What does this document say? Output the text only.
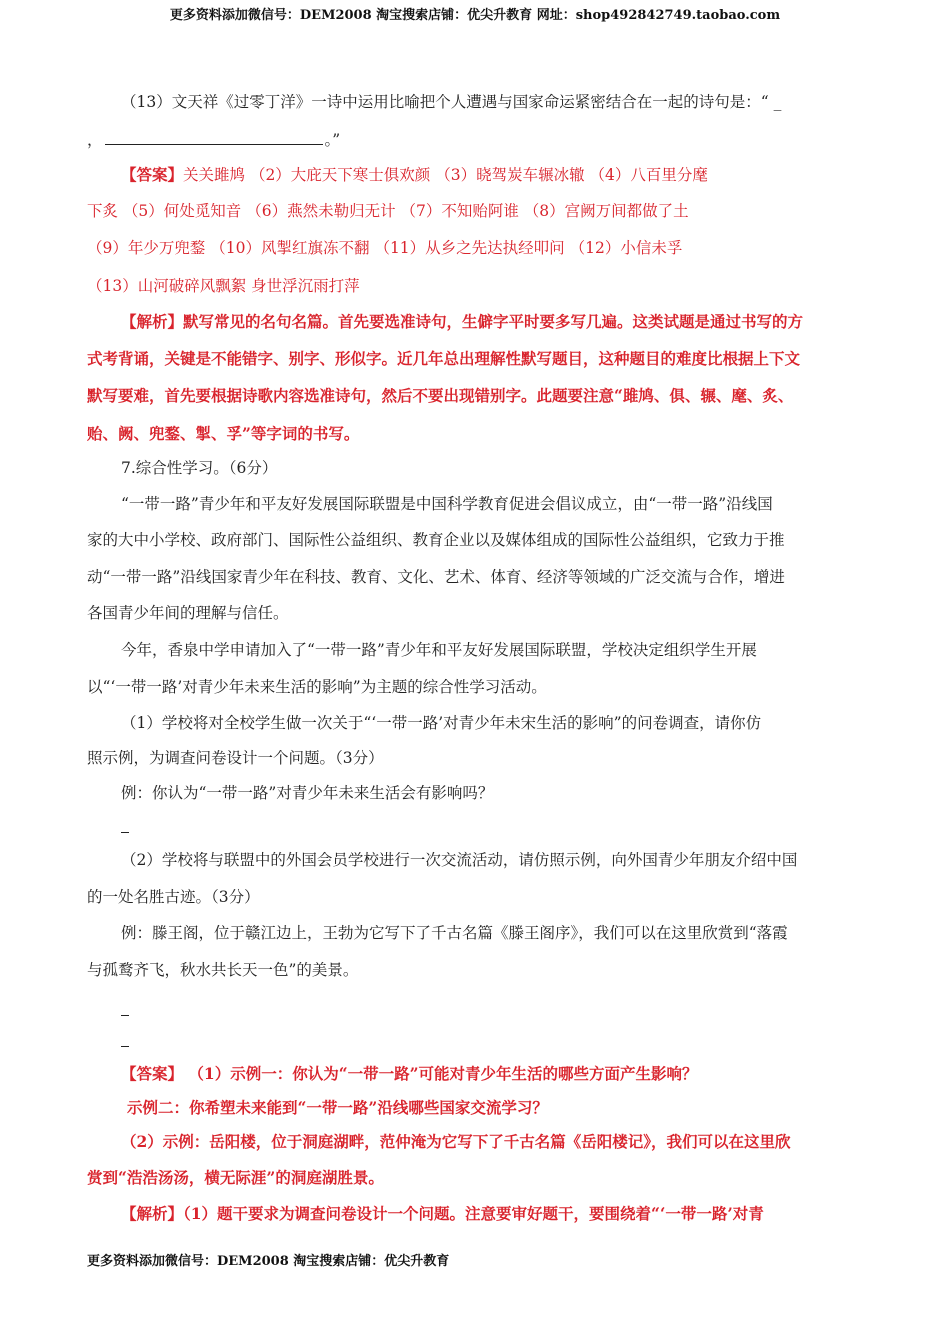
更多资料添加微信号：DEM2008 淘宝搜索店铺：优尖升教育 网址：shop492842749.taobao.com
（13）文天祥《过零丁洋》一诗中运用比喻把个人遭遇与国家命运紧密结合在一起的诗句是：“ _
，	。”
【答案】关关雎鸠 （2）大庇天下寒士俱欢颜 （3）晓驾炭车辗冰辙 （4）八百里分麾
下炙 （5）何处觅知音 （6）燕然未勒归无计 （7）不知贻阿谁 （8）宫阙万间都做了土
（9）年少万兜鍪 （10）风掣红旗冻不翻 （11）从乡之先达执经叩问 （12）小信未孚
（13）山河破碎风飘絮 身世浮沉雨打萍
【解析】默写常见的名句名篇。首先要选准诗句，生僻字平时要多写几遍。这类试题是通过书写的方
式考背诵，关键是不能错字、别字、形似字。近几年总出理解性默写题目，这种题目的难度比根据上下文
默写要难，首先要根据诗歌内容选准诗句，然后不要出现错别字。此题要注意“雎鸠、俱、辗、麾、炙、
贻、阙、兜鍪、掣、孚”等字词的书写。
7.综合性学习。（6分）
“一带一路”青少年和平友好发展国际联盟是中国科学教育促进会倡议成立，由“一带一路”沿线国
家的大中小学校、政府部门、国际性公益组织、教育企业以及媒体组成的国际性公益组织，它致力于推
动“一带一路”沿线国家青少年在科技、教育、文化、艺术、体育、经济等领域的广泛交流与合作，增进
各国青少年间的理解与信任。
今年，香泉中学申请加入了“一带一路”青少年和平友好发展国际联盟，学校决定组织学生开展
以“‘一带一路’对青少年未来生活的影响”为主题的综合性学习活动。
（1）学校将对全校学生做一次关于“‘一带一路’对青少年未宋生活的影响”的问卷调查，请你仿
照示例，为调查问卷设计一个问题。（3分）
例：你认为“一带一路”对青少年未来生活会有影响吗？
（2）学校将与联盟中的外国会员学校进行一次交流活动，请仿照示例，向外国青少年朋友介绍中国
的一处名胜古迹。（3分）
例：滕王阁，位于赣江边上，王勃为它写下了千古名篇《滕王阁序》，我们可以在这里欣赏到“落霞
与孤鹜齐飞，秋水共长天一色”的美景。
【答案】 （1）示例一：你认为“一带一路”可能对青少年生活的哪些方面产生影响？
示例二：你希塑未来能到“一带一路”沿线哪些国家交流学习？
（2）示例：岳阳楼，位于洞庭湖畔，范仲淹为它写下了千古名篇《岳阳楼记》，我们可以在这里欣
赏到“浩浩汤汤，横无际涯”的洞庭湖胜景。
【解析】（1）题干要求为调查问卷设计一个问题。注意要审好题干，要围绕着“‘一带一路’对青
更多资料添加微信号：DEM2008 淘宝搜索店铺：优尖升教育
